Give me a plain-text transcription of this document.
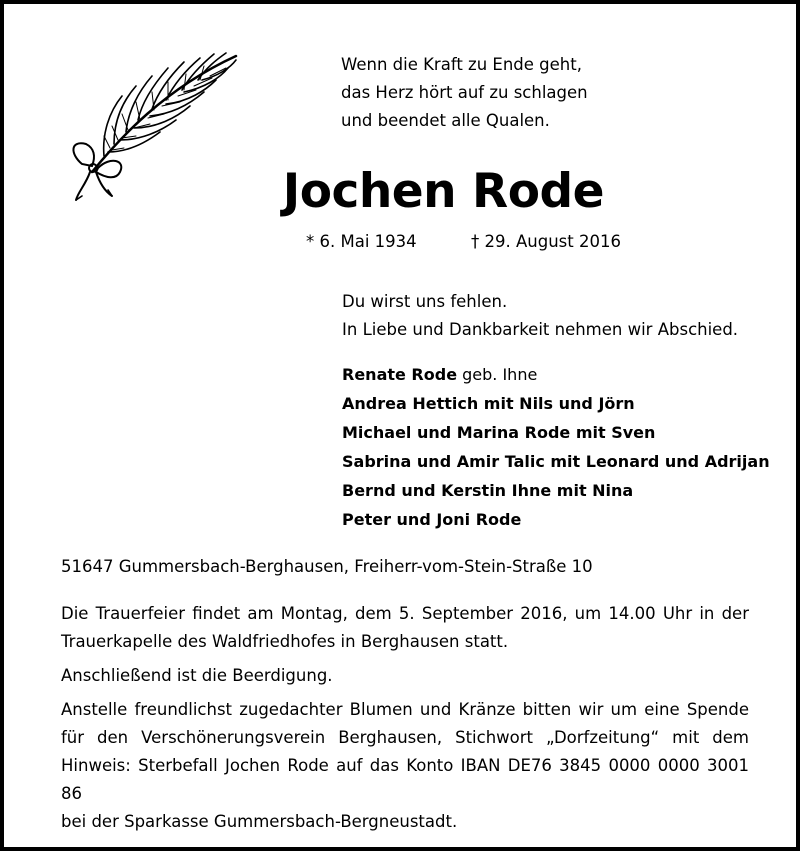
Wenn die Kraft zu Ende geht,
das Herz hört auf zu schlagen
und beendet alle Qualen.
Jochen Rode
* 6. Mai 1934	† 29. August 2016
Du wirst uns fehlen.
In Liebe und Dankbarkeit nehmen wir Abschied.
Renate Rode geb. Ihne
Andrea Hettich mit Nils und Jörn
Michael und Marina Rode mit Sven
Sabrina und Amir Talic mit Leonard und Adrijan
Bernd und Kerstin Ihne mit Nina
Peter und Joni Rode
51647 Gummersbach-Berghausen, Freiherr-vom-Stein-Straße 10
Die Trauerfeier findet am Montag, dem 5. September 2016, um 14.00 Uhr in der
Trauerkapelle des Waldfriedhofes in Berghausen statt.
Anschließend ist die Beerdigung.
Anstelle freundlichst zugedachter Blumen und Kränze bitten wir um eine Spende
für den Verschönerungsverein Berghausen, Stichwort „Dorfzeitung“ mit dem
Hinweis: Sterbefall Jochen Rode auf das Konto IBAN DE76 3845 0000 0000 3001 86
bei der Sparkasse Gummersbach-Bergneustadt.
